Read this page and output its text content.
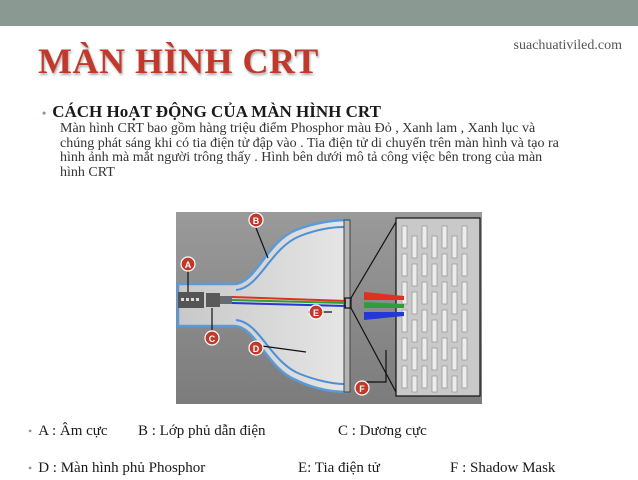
suachuativiled.com
MÀN HÌNH CRT
• CÁCH HoẠT ĐỘNG CỦA MÀN HÌNH CRT
Màn hình CRT bao gồm hàng triệu điểm Phosphor màu Đỏ , Xanh lam , Xanh lục và
chúng phát sáng khi có tia điện tử đập vào . Tia điện tử di chuyển trên màn hình và tạo ra
hình ảnh mà mắt người trông thấy . Hình bên dưới mô tả công việc bên trong của màn
hình CRT
A
B
C
D
E
F
• A : Âm cực B : Lớp phủ dẫn điện	C : Dương cực
• D : Màn hình phủ Phosphor	E: Tia điện tử	F : Shadow Mask
